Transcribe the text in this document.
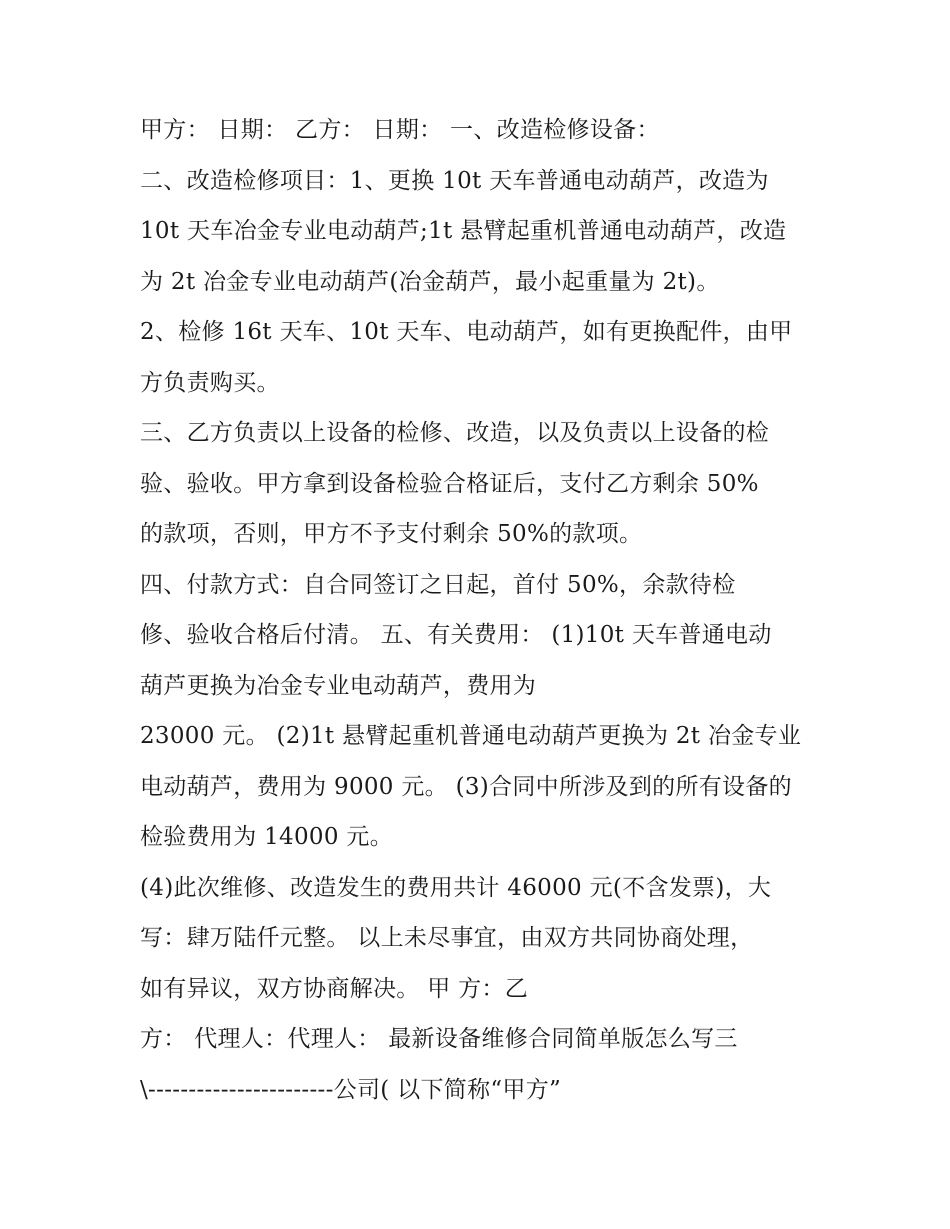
甲方： 日期： 乙方： 日期： 一、改造检修设备：
二、改造检修项目：1、更换 10t 天车普通电动葫芦，改造为
10t 天车冶金专业电动葫芦;1t 悬臂起重机普通电动葫芦，改造
为 2t 冶金专业电动葫芦(冶金葫芦，最小起重量为 2t)。
2、检修 16t 天车、10t 天车、电动葫芦，如有更换配件，由甲
方负责购买。
三、乙方负责以上设备的检修、改造，以及负责以上设备的检
验、验收。甲方拿到设备检验合格证后，支付乙方剩余 50%
的款项，否则，甲方不予支付剩余 50%的款项。
四、付款方式：自合同签订之日起，首付 50%，余款待检
修、验收合格后付清。 五、有关费用： (1)10t 天车普通电动
葫芦更换为冶金专业电动葫芦，费用为
23000 元。 (2)1t 悬臂起重机普通电动葫芦更换为 2t 冶金专业
电动葫芦，费用为 9000 元。 (3)合同中所涉及到的所有设备的
检验费用为 14000 元。
(4)此次维修、改造发生的费用共计 46000 元(不含发票)，大
写：肆万陆仟元整。 以上未尽事宜，由双方共同协商处理，
如有异议，双方协商解决。 甲 方：乙
方： 代理人：代理人： 最新设备维修合同简单版怎么写三
\-----------------------公司( 以下简称“甲方”
